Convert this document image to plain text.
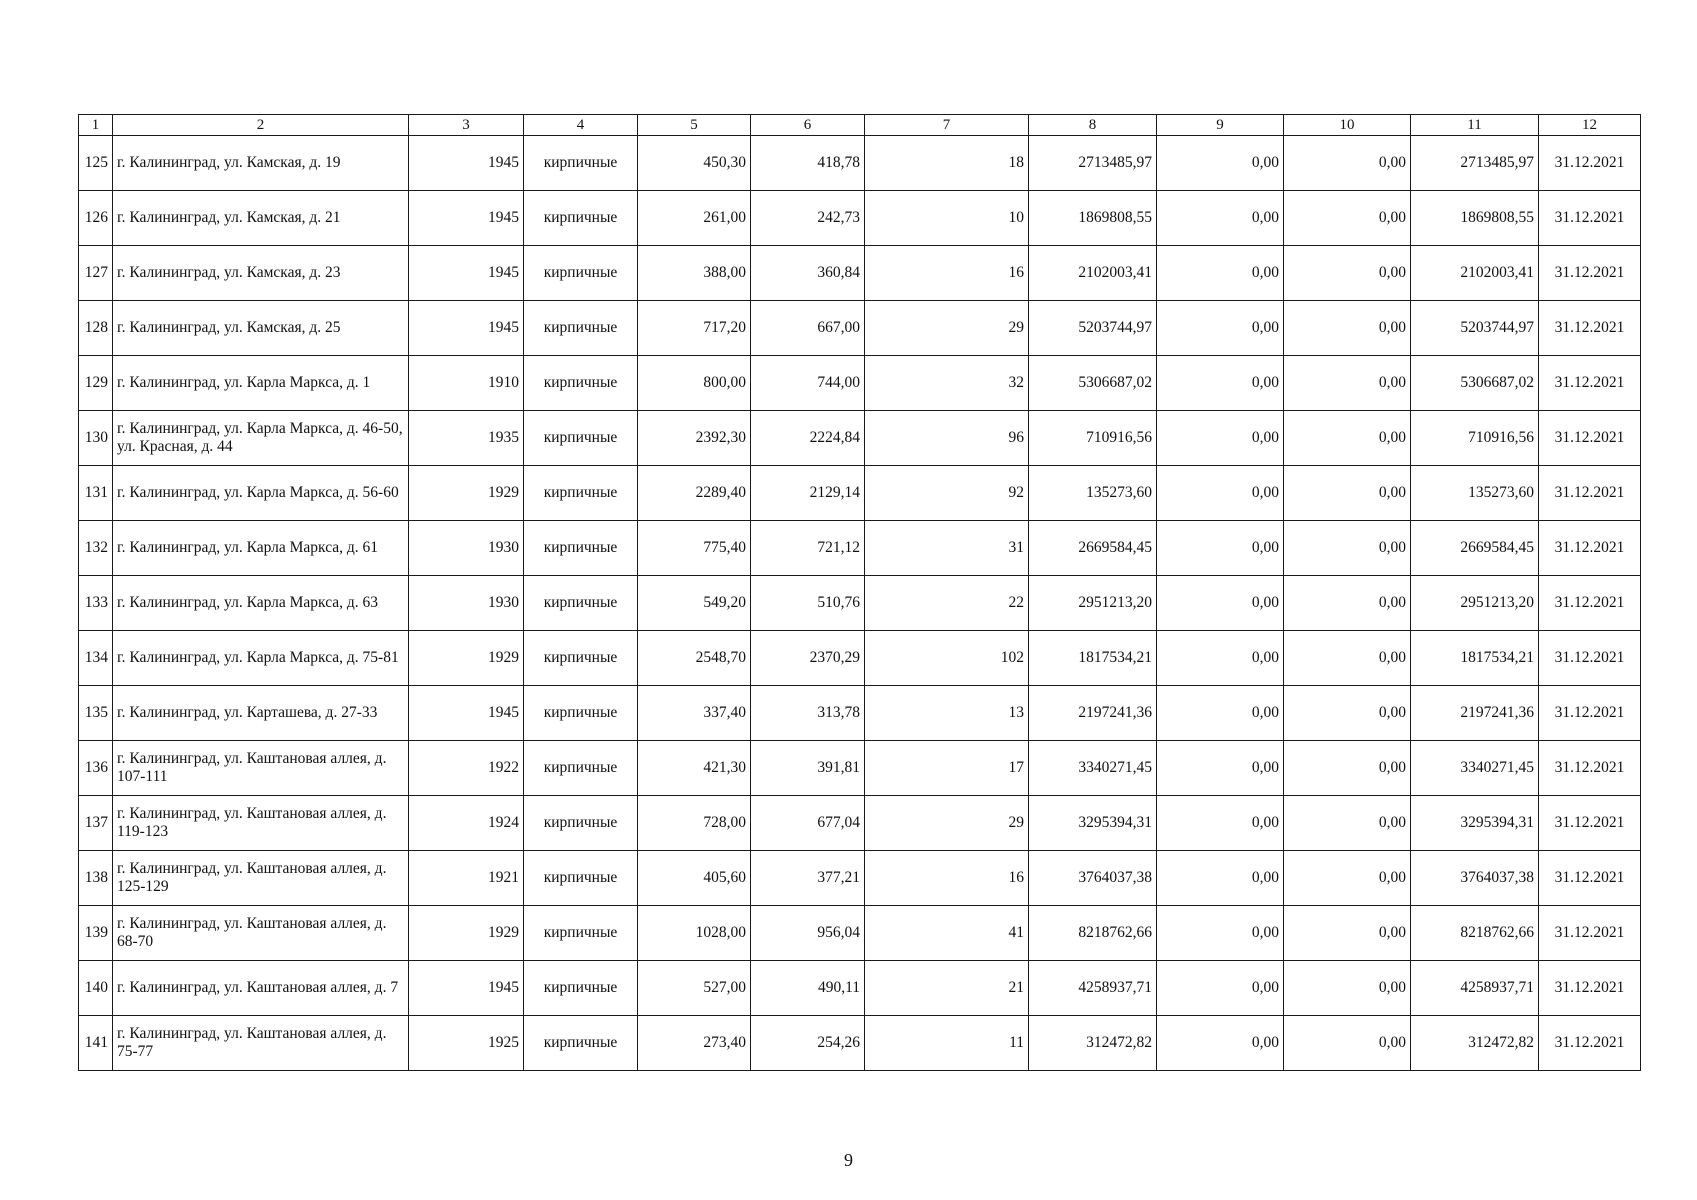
1	2	3	4	5	6	7	8	9	10	11	12
125	г. Калининград, ул. Камская, д. 19	1945	кирпичные	450,30	418,78	18	2713485,97	0,00	0,00	2713485,97	31.12.2021
126	г. Калининград, ул. Камская, д. 21	1945	кирпичные	261,00	242,73	10	1869808,55	0,00	0,00	1869808,55	31.12.2021
127	г. Калининград, ул. Камская, д. 23	1945	кирпичные	388,00	360,84	16	2102003,41	0,00	0,00	2102003,41	31.12.2021
128	г. Калининград, ул. Камская, д. 25	1945	кирпичные	717,20	667,00	29	5203744,97	0,00	0,00	5203744,97	31.12.2021
129	г. Калининград, ул. Карла Маркса, д. 1	1910	кирпичные	800,00	744,00	32	5306687,02	0,00	0,00	5306687,02	31.12.2021
130	г. Калининград, ул. Карла Маркса, д. 46-50, ул. Красная, д. 44	1935	кирпичные	2392,30	2224,84	96	710916,56	0,00	0,00	710916,56	31.12.2021
131	г. Калининград, ул. Карла Маркса, д. 56-60	1929	кирпичные	2289,40	2129,14	92	135273,60	0,00	0,00	135273,60	31.12.2021
132	г. Калининград, ул. Карла Маркса, д. 61	1930	кирпичные	775,40	721,12	31	2669584,45	0,00	0,00	2669584,45	31.12.2021
133	г. Калининград, ул. Карла Маркса, д. 63	1930	кирпичные	549,20	510,76	22	2951213,20	0,00	0,00	2951213,20	31.12.2021
134	г. Калининград, ул. Карла Маркса, д. 75-81	1929	кирпичные	2548,70	2370,29	102	1817534,21	0,00	0,00	1817534,21	31.12.2021
135	г. Калининград, ул. Карташева, д. 27-33	1945	кирпичные	337,40	313,78	13	2197241,36	0,00	0,00	2197241,36	31.12.2021
136	г. Калининград, ул. Каштановая аллея, д. 107-111	1922	кирпичные	421,30	391,81	17	3340271,45	0,00	0,00	3340271,45	31.12.2021
137	г. Калининград, ул. Каштановая аллея, д. 119-123	1924	кирпичные	728,00	677,04	29	3295394,31	0,00	0,00	3295394,31	31.12.2021
138	г. Калининград, ул. Каштановая аллея, д. 125-129	1921	кирпичные	405,60	377,21	16	3764037,38	0,00	0,00	3764037,38	31.12.2021
139	г. Калининград, ул. Каштановая аллея, д. 68-70	1929	кирпичные	1028,00	956,04	41	8218762,66	0,00	0,00	8218762,66	31.12.2021
140	г. Калининград, ул. Каштановая аллея, д. 7	1945	кирпичные	527,00	490,11	21	4258937,71	0,00	0,00	4258937,71	31.12.2021
141	г. Калининград, ул. Каштановая аллея, д. 75-77	1925	кирпичные	273,40	254,26	11	312472,82	0,00	0,00	312472,82	31.12.2021
9
